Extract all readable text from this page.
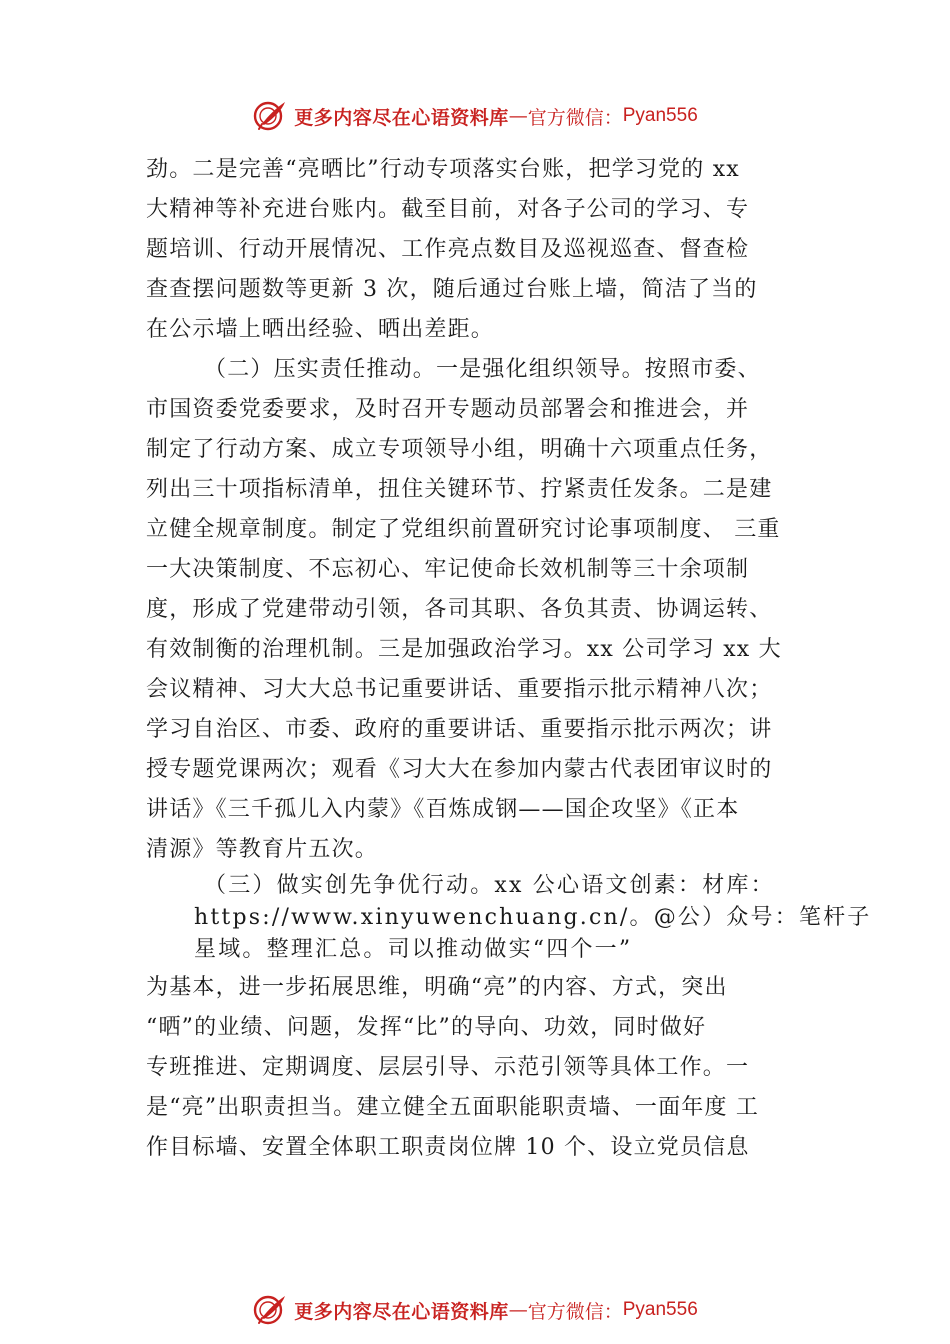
更多内容尽在心语资料库 — 官方微信： Pyan556
劲。二是完善“亮晒比”行动专项落实台账，把学习党的 xx
大精神等补充进台账内。截至目前，对各子公司的学习、专
题培训、行动开展情况、工作亮点数目及巡视巡查、督查检
查查摆问题数等更新 3 次，随后通过台账上墙，简洁了当的
在公示墙上晒出经验、晒出差距。
（二）压实责任推动。一是强化组织领导。按照市委、
市国资委党委要求，及时召开专题动员部署会和推进会，并
制定了行动方案、成立专项领导小组，明确十六项重点任务，
列出三十项指标清单，扭住关键环节、拧紧责任发条。二是建
立健全规章制度。制定了党组织前置研究讨论事项制度、 三重
一大决策制度、不忘初心、牢记使命长效机制等三十余项制
度，形成了党建带动引领，各司其职、各负其责、协调运转、
有效制衡的治理机制。三是加强政治学习。xx 公司学习 xx 大
会议精神、习大大总书记重要讲话、重要指示批示精神八次；
学习自治区、市委、政府的重要讲话、重要指示批示两次；讲
授专题党课两次；观看《习大大在参加内蒙古代表团审议时的
讲话》《三千孤儿入内蒙》《百炼成钢——国企攻坚》《正本
清源》等教育片五次。
（三）做实创先争优行动。xx 公心语文创素：材库：
https://www.xinyuwenchuang.cn/。@公）众号：笔杆子
星域。整理汇总。司以推动做实“四个一”
为基本，进一步拓展思维，明确“亮”的内容、方式，突出
“晒”的业绩、问题，发挥“比”的导向、功效，同时做好
专班推进、定期调度、层层引导、示范引领等具体工作。一
是“亮”出职责担当。建立健全五面职能职责墙、一面年度 工
作目标墙、安置全体职工职责岗位牌 10 个、设立党员信息
更多内容尽在心语资料库 — 官方微信： Pyan556
